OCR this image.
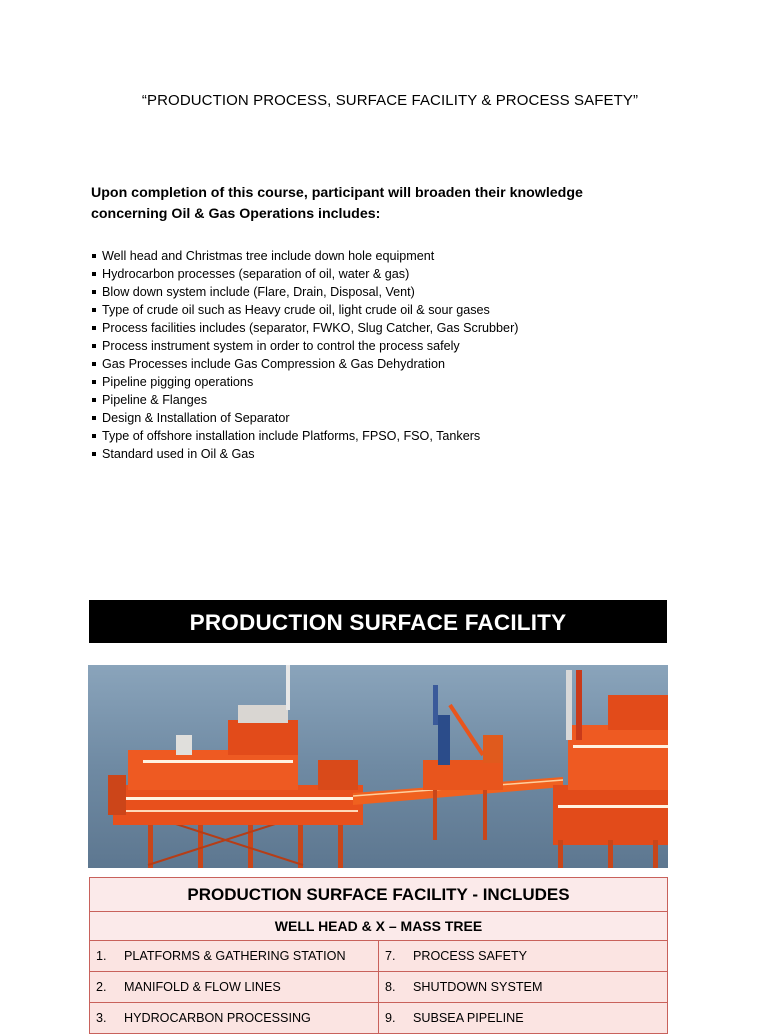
“PRODUCTION PROCESS, SURFACE FACILITY & PROCESS SAFETY”
Upon completion of this course, participant will broaden their knowledge concerning Oil & Gas Operations includes:
Well head and Christmas tree include down hole equipment
Hydrocarbon processes (separation of oil, water & gas)
Blow down system include (Flare, Drain, Disposal, Vent)
Type of crude oil such as Heavy crude oil, light crude oil & sour gases
Process facilities includes (separator, FWKO, Slug Catcher, Gas Scrubber)
Process instrument system in order to control the process safely
Gas Processes include Gas Compression & Gas Dehydration
Pipeline pigging operations
Pipeline & Flanges
Design & Installation of Separator
Type of offshore installation include Platforms, FPSO, FSO, Tankers
Standard used in Oil & Gas
PRODUCTION SURFACE FACILITY
PRODUCTION SURFACE FACILITY - INCLUDES	
WELL HEAD & X – MASS TREE	
1. PLATFORMS & GATHERING STATION	7. PROCESS SAFETY
2. MANIFOLD & FLOW LINES	8. SHUTDOWN SYSTEM
3. HYDROCARBON PROCESSING	9. SUBSEA PIPELINE
